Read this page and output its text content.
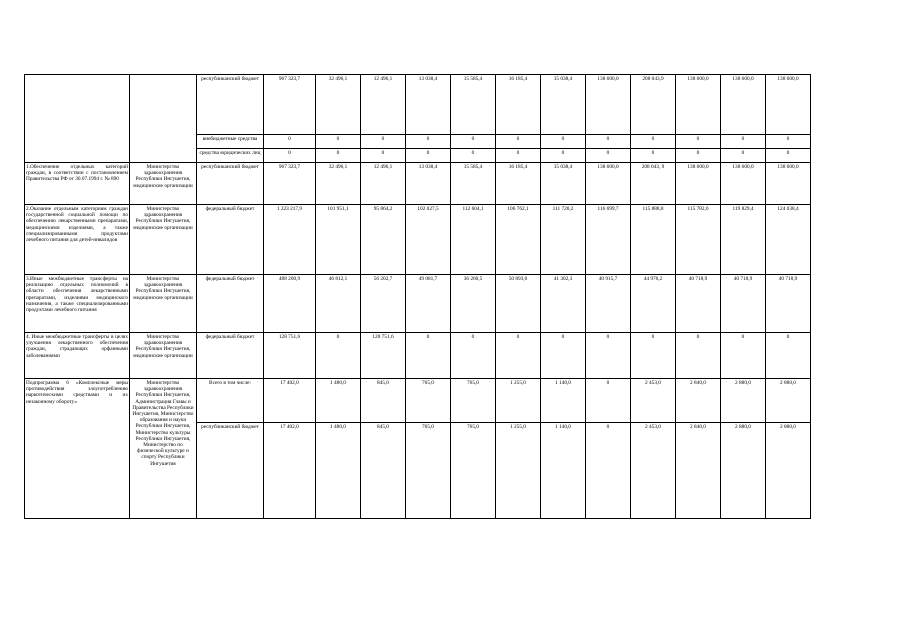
		республиканский бюджет	967 323,7	32 496,1	12 496,1	13 038,4	15 585,4	16 185,4	15 038,4	138 600,0	208 043,9	138 600,0	138 600,0	138 600,0
		внебюджетные средства	0	0	0	0	0	0	0	0	0	0	0	0
		средства юридических лиц	0	0	0	0	0	0	0	0	0	0	0	0
1.Обеспечение отдельных категорий граждан, в соответствии с постановлением Правительства РФ от 30.07.1994 г. № 890	Министерство здравоохранения Республики Ингушетия, медицинские организации	республиканский бюджет	967 323,7	32 496,1	12 496,1	13 038,4	15 585,4	16 185,4	15 038,4	138 600,0	208 043, 9	138 600,0	138 600,0	138 600,0
2.Оказание отдельным категориям граждан государственной социальной помощи по обеспечению лекарственными препаратами, медицинскими изделиями, а также специализированными продуктами лечебного питания для детей-инвалидов	Министерство здравоохранения Республики Ингушетия, медицинские организации	федеральный бюджет	1 223 217,9	101 951,1	95 864,2	102 027,5	112 604,1	106 762,1	111 720,2	116 699,7	115 888,8	115 782,0	119 829,4	124 038,4
3.Иные межбюджетные трансферты на реализацию отдельных полномочий в области обеспечения лекарственными препаратами, изделиями медицинского назначения, а также специализированными продуктами лечебного питания	Министерство здравоохранения Республики Ингушетия, медицинские организации	федеральный бюджет	488 200,9	46 812,1	56 202,7	49 081,7	36 260,5	50 893,0	41 302,3	40 915,7	44 976,2	40 718,9	40 718,9	40 718,9
4. Иные межбюджетные трансферты в целях улучшения лекарственного обеспечения граждан, страдающих орфанными заболеваниями	Министерство здравоохранения Республики Ингушетия, медицинские организации	федеральный бюджет	128 751,6	0	128 751,6	0	0	0	0	0	0	0	0	0
Подпрограмма 6 «Комплексные меры противодействия злоупотреблению наркотическими средствами и их незаконному обороту»	Министерство здравоохранения Республики Ингушетия, Администрация Главы и Правительства Республики Ингушетия, Министерство образования и науки Республики Ингушетия, Министерство культуры Республики Ингушетия, Министерство по физической культуре и спорту Республики Ингушетия	Всего в том числе:	17 402,0	1 480,0	845,0	765,0	765,0	1 255,0	1 140,0	0	2 453,0	2 840,0	2 880,0	2 880,0
		республиканский бюджет	17 402,0	1 480,0	845,0	765,0	765,0	1 255,0	1 140,0	0	2 453,0	2 840,0	2 880,0	2 880,0
